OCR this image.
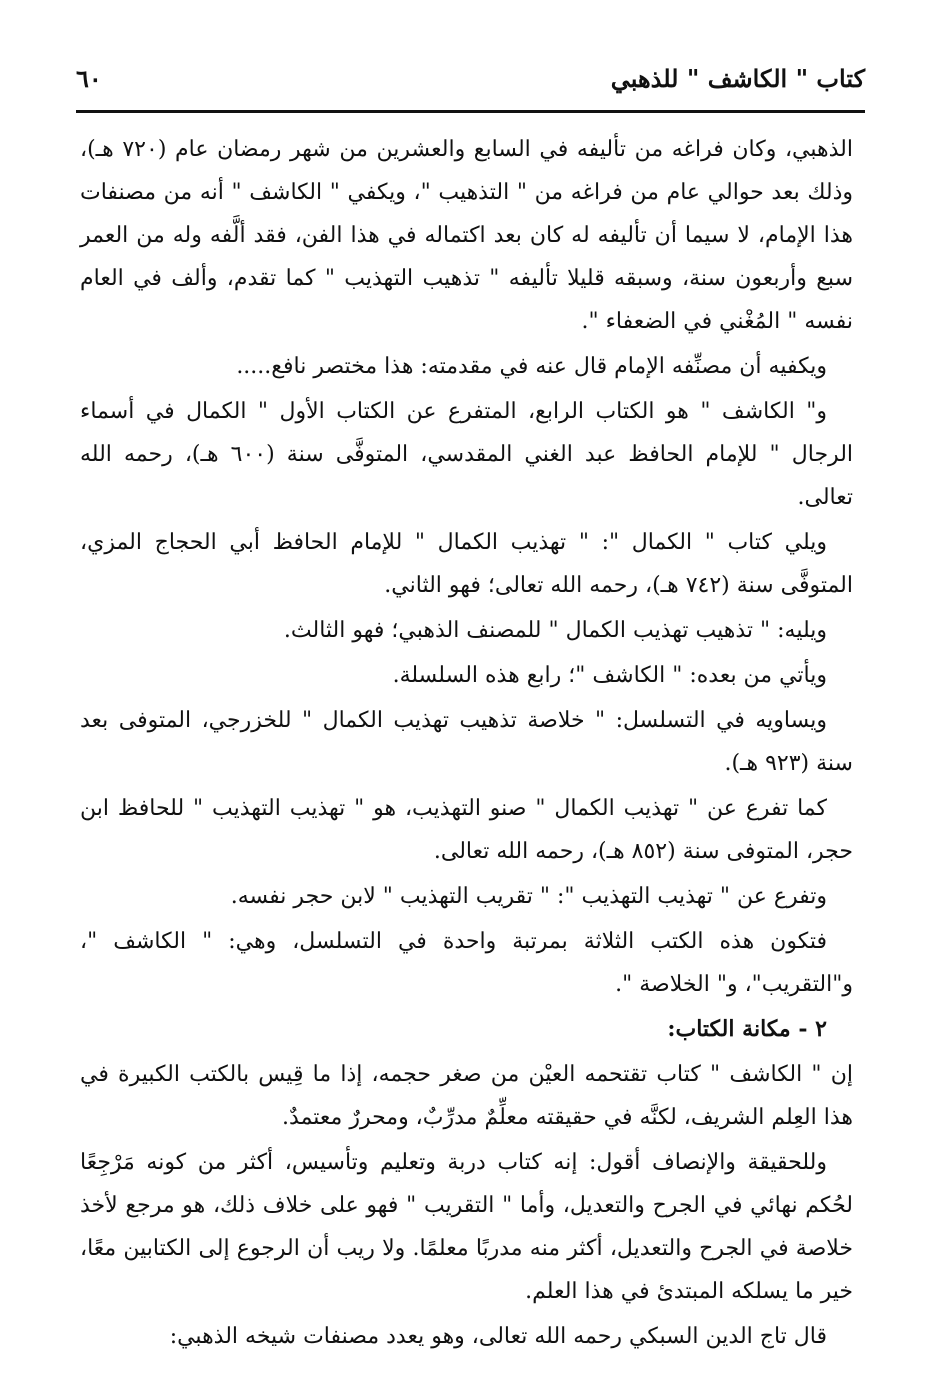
٦٠	كتاب " الكاشف " للذهبي

الذهبي، وكان فراغه من تأليفه في السابع والعشرين من شهر رمضان عام (٧٢٠ هـ)، وذلك بعد حوالي عام من فراغه من " التذهيب "، ويكفي " الكاشف " أنه من مصنفات هذا الإمام، لا سيما أن تأليفه له كان بعد اكتماله في هذا الفن، فقد ألَّفه وله من العمر سبع وأربعون سنة، وسبقه قليلا تأليفه " تذهيب التهذيب " كما تقدم، وألف في العام نفسه " المُغْني في الضعفاء ".

ويكفيه أن مصنِّفه الإمام قال عنه في مقدمته: هذا مختصر نافع.....

و" الكاشف " هو الكتاب الرابع، المتفرع عن الكتاب الأول " الكمال في أسماء الرجال " للإمام الحافظ عبد الغني المقدسي، المتوفَّى سنة (٦٠٠ هـ)، رحمه الله تعالى.

ويلي كتاب " الكمال ": " تهذيب الكمال " للإمام الحافظ أبي الحجاج المزي، المتوفَّى سنة (٧٤٢ هـ)، رحمه الله تعالى؛ فهو الثاني.

ويليه: " تذهيب تهذيب الكمال " للمصنف الذهبي؛ فهو الثالث.

ويأتي من بعده: " الكاشف "؛ رابع هذه السلسلة.

ويساويه في التسلسل: " خلاصة تذهيب تهذيب الكمال " للخزرجي، المتوفى بعد سنة (٩٢٣ هـ).

كما تفرع عن " تهذيب الكمال " صنو التهذيب، هو " تهذيب التهذيب " للحافظ ابن حجر، المتوفى سنة (٨٥٢ هـ)، رحمه الله تعالى.

وتفرع عن " تهذيب التهذيب ": " تقريب التهذيب " لابن حجر نفسه.

فتكون هذه الكتب الثلاثة بمرتبة واحدة في التسلسل، وهي: " الكاشف "، و"التقريب"، و" الخلاصة ".

٢ - مكانة الكتاب:

إن " الكاشف " كتاب تقتحمه العيْن من صغر حجمه، إذا ما قِيس بالكتب الكبيرة في هذا العِلم الشريف، لكنَّه في حقيقته معلِّمٌ مدرِّبٌ، ومحررٌ معتمدٌ.

وللحقيقة والإنصاف أقول: إنه كتاب دربة وتعليم وتأسيس، أكثر من كونه مَرْجِعًا لحُكم نهائي في الجرح والتعديل، وأما " التقريب " فهو على خلاف ذلك، هو مرجع لأخذ خلاصة في الجرح والتعديل، أكثر منه مدربًا معلمًا. ولا ريب أن الرجوع إلى الكتابين معًا، خير ما يسلكه المبتدئ في هذا العلم.

قال تاج الدين السبكي رحمه الله تعالى، وهو يعدد مصنفات شيخه الذهبي:
